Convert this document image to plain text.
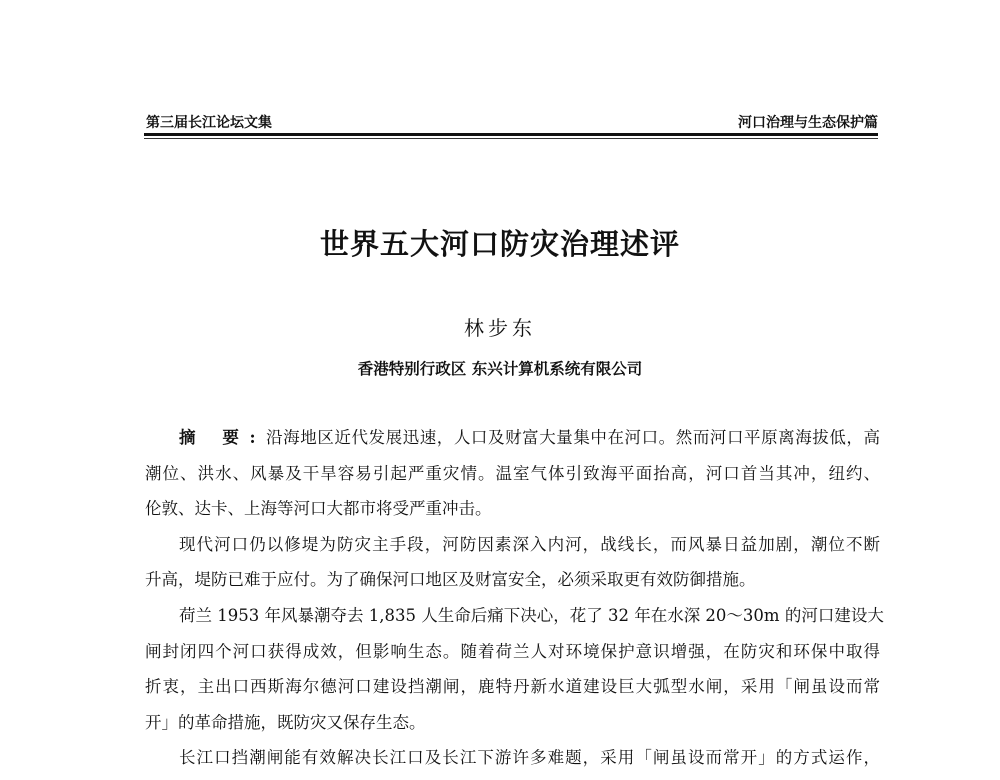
第三届长江论坛文集	河口治理与生态保护篇
世界五大河口防灾治理述评
林步东
香港特别行政区 东兴计算机系统有限公司
摘 要:沿海地区近代发展迅速，人口及财富大量集中在河口。然而河口平原离海拔低，高
潮位、洪水、风暴及干旱容易引起严重灾情。温室气体引致海平面抬高，河口首当其冲，纽约、
伦敦、达卡、上海等河口大都市将受严重冲击。
现代河口仍以修堤为防灾主手段，河防因素深入内河，战线长，而风暴日益加剧，潮位不断
升高，堤防已难于应付。为了确保河口地区及财富安全，必须采取更有效防御措施。
荷兰 1953 年风暴潮夺去 1,835 人生命后痛下决心，花了 32 年在水深 20～30m 的河口建设大
闸封闭四个河口获得成效，但影响生态。随着荷兰人对环境保护意识增强，在防灾和环保中取得
折衷，主出口西斯海尔德河口建设挡潮闸，鹿特丹新水道建设巨大弧型水闸，采用「闸虽设而常
开」的革命措施，既防灾又保存生态。
长江口挡潮闸能有效解决长江口及长江下游许多难题，采用「闸虽设而常开」的方式运作，
